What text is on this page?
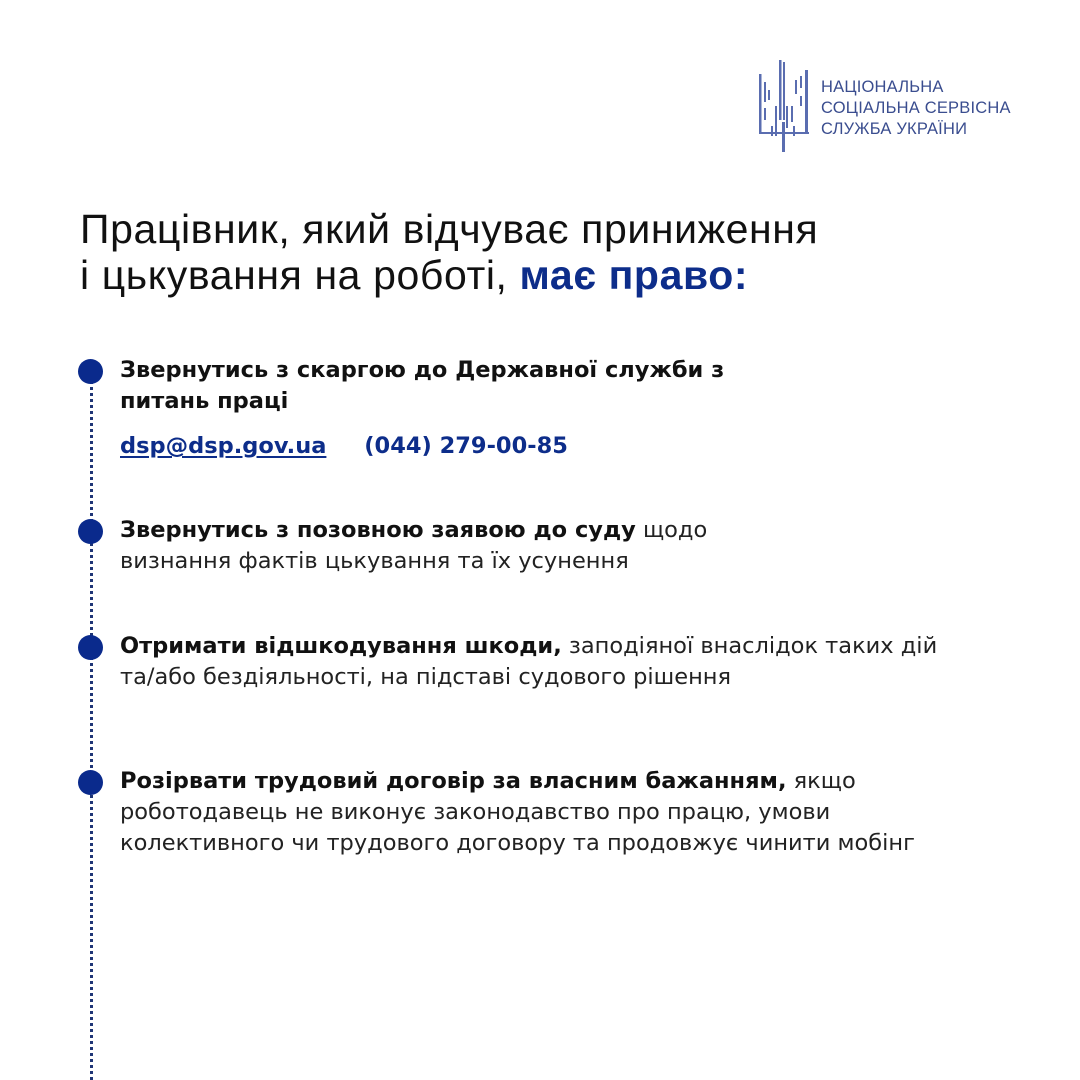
НАЦІОНАЛЬНА
СОЦІАЛЬНА СЕРВІСНА
СЛУЖБА УКРАЇНИ
Працівник, який відчуває приниження
і цькування на роботі, має право:
Звернутись з скаргою до Державної служби з питань праці
dsp@dsp.gov.ua (044) 279-00-85
Звернутись з позовною заявою до суду щодо визнання фактів цькування та їх усунення
Отримати відшкодування шкоди, заподіяної внаслідок таких дій та/або бездіяльності, на підставі судового рішення
Розірвати трудовий договір за власним бажанням, якщо роботодавець не виконує законодавство про працю, умови колективного чи трудового договору та продовжує чинити мобінг
